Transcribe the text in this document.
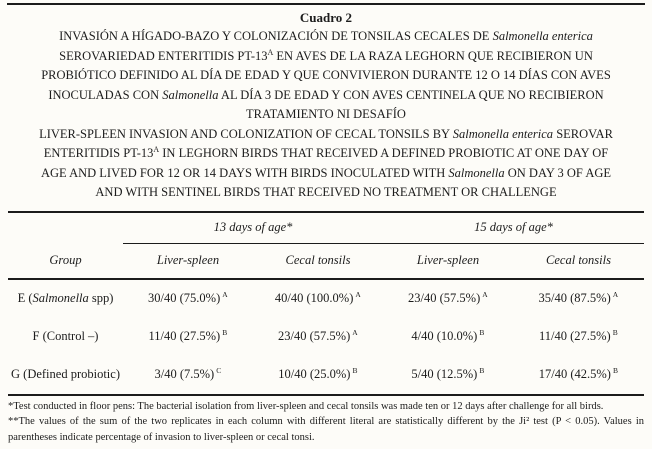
Cuadro 2
INVASIÓN A HÍGADO-BAZO Y COLONIZACIÓN DE TONSILAS CECALES DE Salmonella enterica
SEROVARIEDAD ENTERITIDIS $PT-13^A$ EN AVES DE LA RAZA LEGHORN QUE RECIBIERON UN
PROBIÓTICO DEFINIDO AL DÍA DE EDAD Y QUE CONVIVIERON DURANTE 12 O 14 DÍAS CON AVES
INOCULADAS CON Salmonella AL DÍA 3 DE EDAD Y CON AVES CENTINELA QUE NO RECIBIERON
TRATAMIENTO NI DESAFÍO
LIVER-SPLEEN INVASION AND COLONIZATION OF CECAL TONSILS BY Salmonella enterica SEROVAR
ENTERITIDIS $PT-13^A$ IN LEGHORN BIRDS THAT RECEIVED A DEFINED PROBIOTIC AT ONE DAY OF
AGE AND LIVED FOR 12 OR 14 DAYS WITH BIRDS INOCULATED WITH Salmonella ON DAY 3 OF AGE
AND WITH SENTINEL BIRDS THAT RECEIVED NO TREATMENT OR CHALLENGE
	13 days of age*		15 days of age*	
Group	Liver-spleen	Cecal tonsils	Liver-spleen	Cecal tonsils
E (Salmonella spp)	30/40 (75.0%) $^A$	40/40 (100.0%) $^A$	23/40 (57.5%) $^A$	35/40 (87.5%) $^A$
F (Control –)	11/40 (27.5%) $^B$	23/40 (57.5%) $^A$	4/40 (10.0%) $^B$	11/40 (27.5%) $^B$
G (Defined probiotic)	3/40 (7.5%) $^C$	10/40 (25.0%) $^B$	5/40 (12.5%) $^B$	17/40 (42.5%) $^B$
*Test conducted in floor pens: The bacterial isolation from liver-spleen and cecal tonsils was made ten or 12 days after challenge for all birds.
**The values of the sum of the two replicates in each column with different literal are statistically different by the Ji² test (P < 0.05). Values in parentheses indicate percentage of invasion to liver-spleen or cecal tonsi.
